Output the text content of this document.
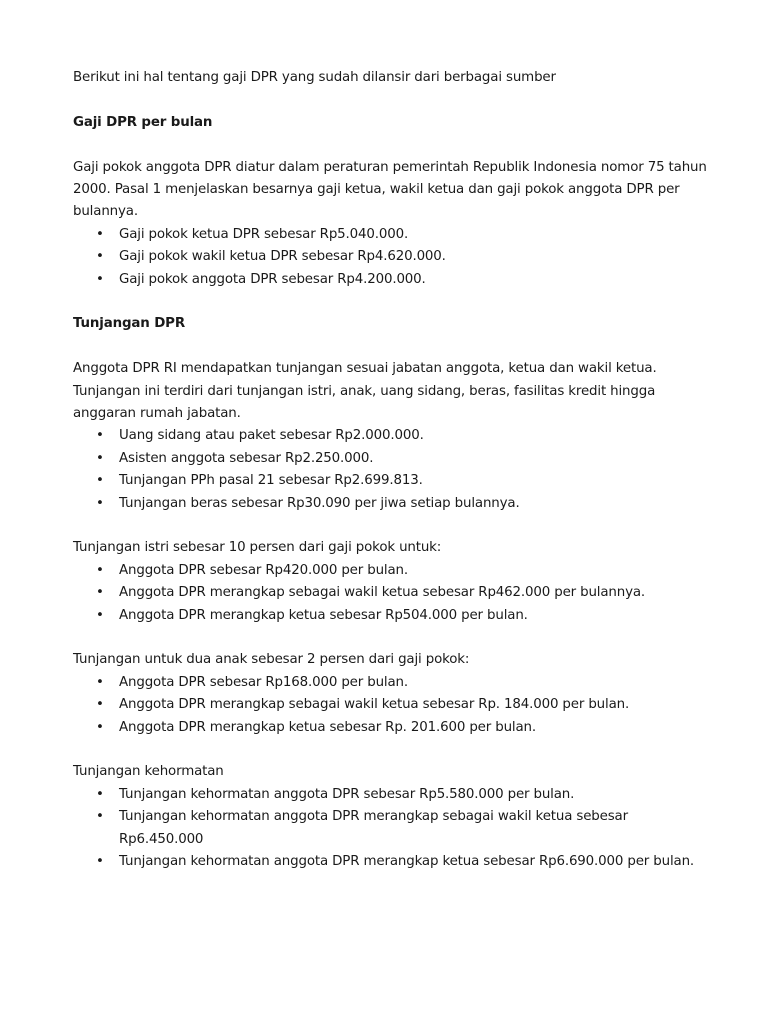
Berikut ini hal tentang gaji DPR yang sudah dilansir dari berbagai sumber

Gaji DPR per bulan

Gaji pokok anggota DPR diatur dalam peraturan pemerintah Republik Indonesia nomor 75 tahun 2000. Pasal 1 menjelaskan besarnya gaji ketua, wakil ketua dan gaji pokok anggota DPR per bulannya.

• Gaji pokok ketua DPR sebesar Rp5.040.000.
• Gaji pokok wakil ketua DPR sebesar Rp4.620.000.
• Gaji pokok anggota DPR sebesar Rp4.200.000.

Tunjangan DPR

Anggota DPR RI mendapatkan tunjangan sesuai jabatan anggota, ketua dan wakil ketua. Tunjangan ini terdiri dari tunjangan istri, anak, uang sidang, beras, fasilitas kredit hingga anggaran rumah jabatan.

• Uang sidang atau paket sebesar Rp2.000.000.
• Asisten anggota sebesar Rp2.250.000.
• Tunjangan PPh pasal 21 sebesar Rp2.699.813.
• Tunjangan beras sebesar Rp30.090 per jiwa setiap bulannya.

Tunjangan istri sebesar 10 persen dari gaji pokok untuk:

• Anggota DPR sebesar Rp420.000 per bulan.
• Anggota DPR merangkap sebagai wakil ketua sebesar Rp462.000 per bulannya.
• Anggota DPR merangkap ketua sebesar Rp504.000 per bulan.

Tunjangan untuk dua anak sebesar 2 persen dari gaji pokok:

• Anggota DPR sebesar Rp168.000 per bulan.
• Anggota DPR merangkap sebagai wakil ketua sebesar Rp. 184.000 per bulan.
• Anggota DPR merangkap ketua sebesar Rp. 201.600 per bulan.

Tunjangan kehormatan

• Tunjangan kehormatan anggota DPR sebesar Rp5.580.000 per bulan.
• Tunjangan kehormatan anggota DPR merangkap sebagai wakil ketua sebesar Rp6.450.000
• Tunjangan kehormatan anggota DPR merangkap ketua sebesar Rp6.690.000 per bulan.
